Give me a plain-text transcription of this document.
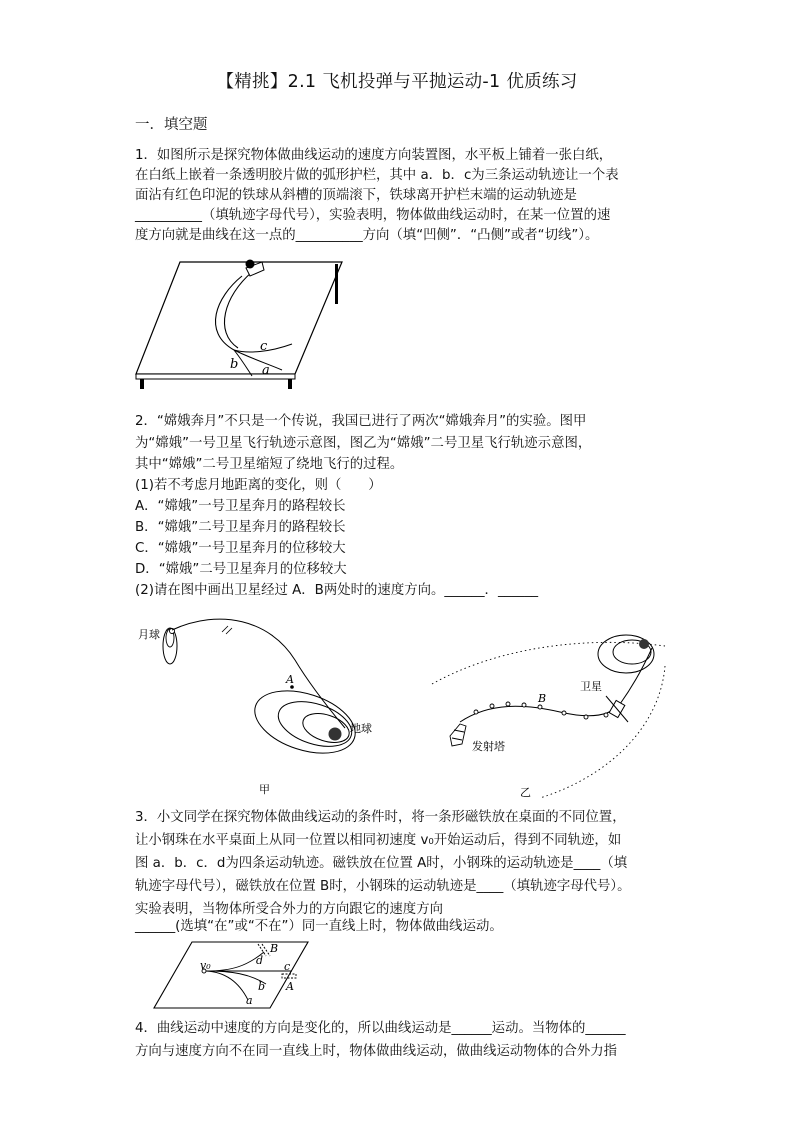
【精挑】2.1 飞机投弹与平抛运动-1 优质练习
一．填空题
1．如图所示是探究物体做曲线运动的速度方向装置图，水平板上铺着一张白纸，
在白纸上嵌着一条透明胶片做的弧形护栏，其中 a．b．c为三条运动轨迹让一个表
面沾有红色印泥的铁球从斜槽的顶端滚下，铁球离开护栏末端的运动轨迹是
__________（填轨迹字母代号），实验表明，物体做曲线运动时，在某一位置的速
度方向就是曲线在这一点的__________方向（填“凹侧”．“凸侧”或者“切线”）。
c
b a
2．“嫦娥奔月”不只是一个传说，我国已进行了两次“嫦娥奔月”的实验。图甲
为“嫦娥”一号卫星飞行轨迹示意图，图乙为“嫦娥”二号卫星飞行轨迹示意图，
其中“嫦娥”二号卫星缩短了绕地飞行的过程。
(1)若不考虑月地距离的变化，则（　　）
A．“嫦娥”一号卫星奔月的路程较长
B．“嫦娥”二号卫星奔月的路程较长
C．“嫦娥”一号卫星奔月的位移较大
D．“嫦娥”二号卫星奔月的位移较大
(2)请在图中画出卫星经过 A．B两处时的速度方向。______．______
月球
A
地球
甲
B
卫星
发射塔
乙
3．小文同学在探究物体做曲线运动的条件时，将一条形磁铁放在桌面的不同位置，
让小钢珠在水平桌面上从同一位置以相同初速度 v₀开始运动后，得到不同轨迹，如
图 a．b．c．d为四条运动轨迹。磁铁放在位置 A时，小钢珠的运动轨迹是____（填
轨迹字母代号），磁铁放在位置 B时，小钢珠的运动轨迹是____（填轨迹字母代号）。
实验表明，当物体所受合外力的方向跟它的速度方向
______(选填“在”或“不在”）同一直线上时，物体做曲线运动。
v₀
B
d c
b A
a
4．曲线运动中速度的方向是变化的，所以曲线运动是______运动。当物体的______
方向与速度方向不在同一直线上时，物体做曲线运动，做曲线运动物体的合外力指
